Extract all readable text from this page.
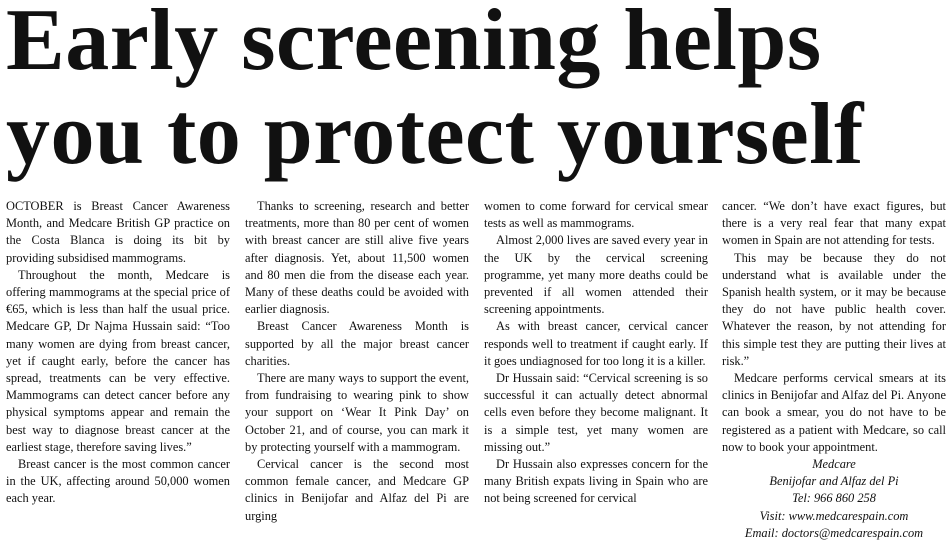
Early screening helps
you to protect yourself

OCTOBER is Breast Cancer Awareness Month, and Medcare British GP practice on the Costa Blanca is doing its bit by providing subsidised mammograms.

Throughout the month, Medcare is offering mammograms at the special price of €65, which is less than half the usual price. Medcare GP, Dr Najma Hussain said: “Too many women are dying from breast cancer, yet if caught early, before the cancer has spread, treatments can be very effective. Mammograms can detect cancer before any physical symptoms appear and remain the best way to diagnose breast cancer at the earliest stage, therefore saving lives.”

Breast cancer is the most common cancer in the UK, affecting around 50,000 women each year.

Thanks to screening, research and better treatments, more than 80 per cent of women with breast cancer are still alive five years after diagnosis. Yet, about 11,500 women and 80 men die from the disease each year. Many of these deaths could be avoided with earlier diagnosis.

Breast Cancer Awareness Month is supported by all the major breast cancer charities.

There are many ways to support the event, from fundraising to wearing pink to show your support on ‘Wear It Pink Day’ on October 21, and of course, you can mark it by protecting yourself with a mammogram.

Cervical cancer is the second most common female cancer, and Medcare GP clinics in Benijofar and Alfaz del Pi are urging

women to come forward for cervical smear tests as well as mammograms.

Almost 2,000 lives are saved every year in the UK by the cervical screening programme, yet many more deaths could be prevented if all women attended their screening appointments.

As with breast cancer, cervical cancer responds well to treatment if caught early. If it goes undiagnosed for too long it is a killer.

Dr Hussain said: “Cervical screening is so successful it can actually detect abnormal cells even before they become malignant. It is a simple test, yet many women are missing out.”

Dr Hussain also expresses concern for the many British expats living in Spain who are not being screened for cervical

cancer. “We don’t have exact figures, but there is a very real fear that many expat women in Spain are not attending for tests.

This may be because they do not understand what is available under the Spanish health system, or it may be because they do not have public health cover. Whatever the reason, by not attending for this simple test they are putting their lives at risk.”

Medcare performs cervical smears at its clinics in Benijofar and Alfaz del Pi. Anyone can book a smear, you do not have to be registered as a patient with Medcare, so call now to book your appointment.

Medcare

Benijofar and Alfaz del Pi

Tel: 966 860 258

Visit: www.medcarespain.com

Email: doctors@medcarespain.com
